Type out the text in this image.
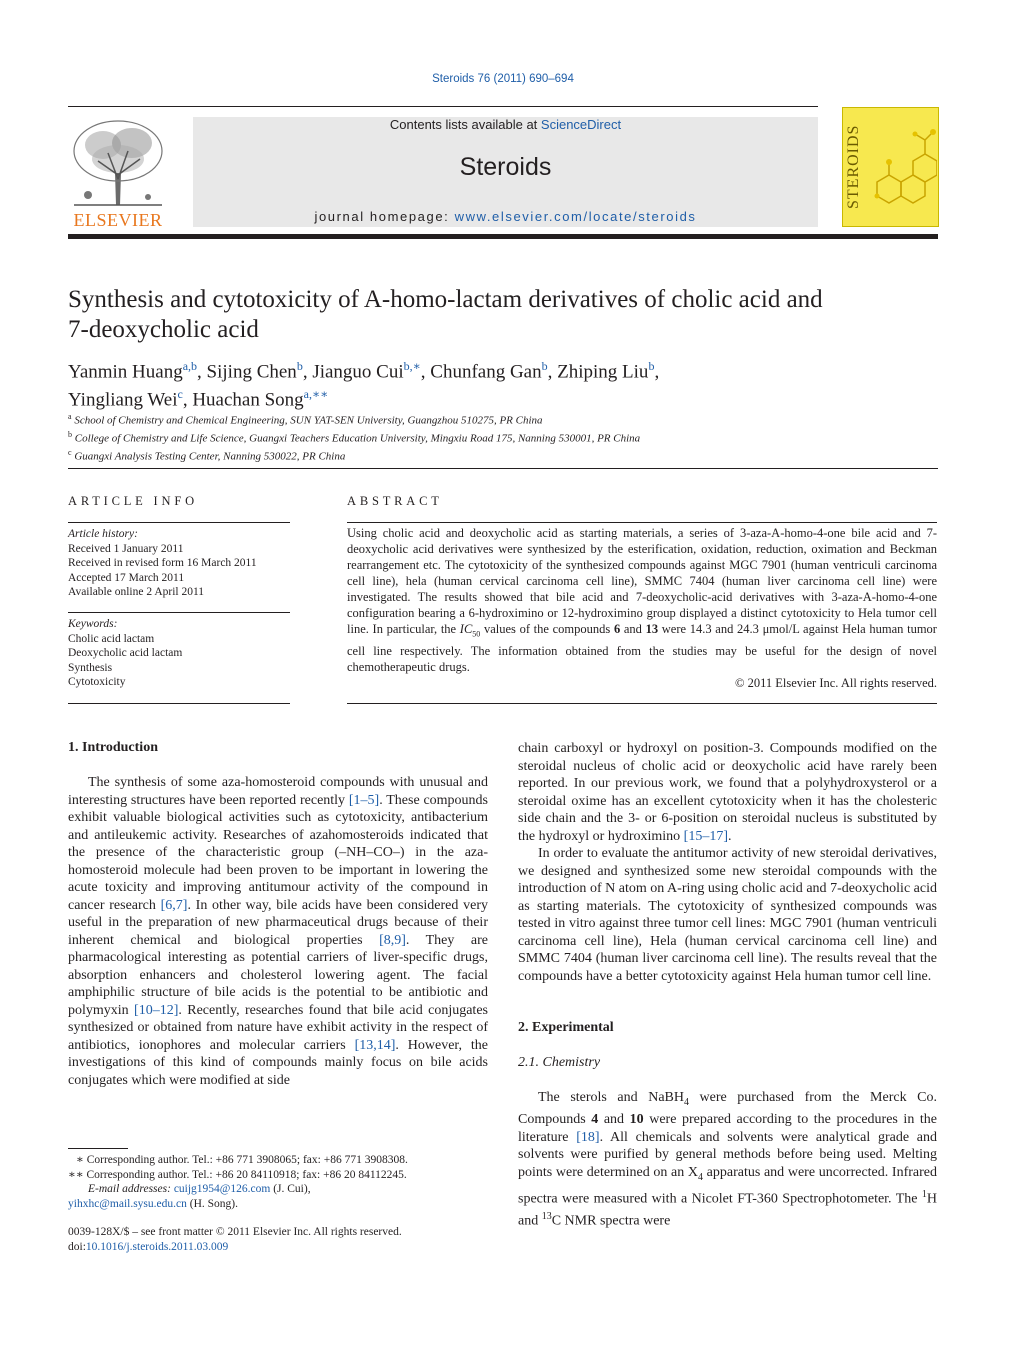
Steroids 76 (2011) 690–694
ELSEVIER
Contents lists available at ScienceDirect
Steroids
journal homepage: www.elsevier.com/locate/steroids
STEROIDS
Synthesis and cytotoxicity of A-homo-lactam derivatives of cholic acid and
7-deoxycholic acid
Yanmin Huang$^{a,b}$, Sijing Chen$^b$, Jianguo Cui$^{b,∗}$, Chunfang Gan$^b$, Zhiping Liu$^b$,
Yingliang Wei$^c$, Huachan Song$^{a,∗∗}$
$^a$ School of Chemistry and Chemical Engineering, SUN YAT-SEN University, Guangzhou 510275, PR China
$^b$ College of Chemistry and Life Science, Guangxi Teachers Education University, Mingxiu Road 175, Nanning 530001, PR China
$^c$ Guangxi Analysis Testing Center, Nanning 530022, PR China
ARTICLE INFO
Article history:
Received 1 January 2011
Received in revised form 16 March 2011
Accepted 17 March 2011
Available online 2 April 2011
Keywords:
Cholic acid lactam
Deoxycholic acid lactam
Synthesis
Cytotoxicity
ABSTRACT
Using cholic acid and deoxycholic acid as starting materials, a series of 3-aza-A-homo-4-one bile acid and 7-deoxycholic acid derivatives were synthesized by the esterification, oxidation, reduction, oximation and Beckman rearrangement etc. The cytotoxicity of the synthesized compounds against MGC 7901 (human ventriculi carcinoma cell line), hela (human cervical carcinoma cell line), SMMC 7404 (human liver carcinoma cell line) were investigated. The results showed that bile acid and 7-deoxycholic-acid derivatives with 3-aza-A-homo-4-one configuration bearing a 6-hydroximino or 12-hydroximino group displayed a distinct cytotoxicity to Hela tumor cell line. In particular, the $IC_{50}$ values of the compounds 6 and 13 were 14.3 and 24.3 μmol/L against Hela human tumor cell line respectively. The information obtained from the studies may be useful for the design of novel chemotherapeutic drugs.
© 2011 Elsevier Inc. All rights reserved.
1. Introduction

The synthesis of some aza-homosteroid compounds with unusual and interesting structures have been reported recently [1–5]. These compounds exhibit valuable biological activities such as cytotoxicity, antibacterium and antileukemic activity. Researches of azahomosteroids indicated that the presence of the characteristic group (–NH–CO–) in the aza-homosteroid molecule had been proven to be important in lowering the acute toxicity and improving antitumour activity of the compound in cancer research [6,7]. In other way, bile acids have been considered very useful in the preparation of new pharmaceutical drugs because of their inherent chemical and biological properties [8,9]. They are pharmacological interesting as potential carriers of liver-specific drugs, absorption enhancers and cholesterol lowering agent. The facial amphiphilic structure of bile acids is the potential to be antibiotic and polymyxin [10–12]. Recently, researches found that bile acid conjugates synthesized or obtained from nature have exhibit activity in the respect of antibiotics, ionophores and molecular carriers [13,14]. However, the investigations of this kind of compounds mainly focus on bile acids conjugates which were modified at side

∗ Corresponding author. Tel.: +86 771 3908065; fax: +86 771 3908308.
∗∗ Corresponding author. Tel.: +86 20 84110918; fax: +86 20 84112245.
E-mail addresses: cuijg1954@126.com (J. Cui),
yihxhc@mail.sysu.edu.cn (H. Song).
0039-128X/$ – see front matter © 2011 Elsevier Inc. All rights reserved.
doi:10.1016/j.steroids.2011.03.009

chain carboxyl or hydroxyl on position-3. Compounds modified on the steroidal nucleus of cholic acid or deoxycholic acid have rarely been reported. In our previous work, we found that a polyhydroxysterol or a steroidal oxime has an excellent cytotoxicity when it has the cholesteric side chain and the 3- or 6-position on steroidal nucleus is substituted by the hydroxyl or hydroximino [15–17].

In order to evaluate the antitumor activity of new steroidal derivatives, we designed and synthesized some new steroidal compounds with the introduction of N atom on A-ring using cholic acid and 7-deoxycholic acid as starting materials. The cytotoxicity of synthesized compounds was tested in vitro against three tumor cell lines: MGC 7901 (human ventriculi carcinoma cell line), Hela (human cervical carcinoma cell line) and SMMC 7404 (human liver carcinoma cell line). The results reveal that the compounds have a better cytotoxicity against Hela human tumor cell line.

2. Experimental
2.1. Chemistry

The sterols and NaBH$_4$ were purchased from the Merck Co. Compounds 4 and 10 were prepared according to the procedures in the literature [18]. All chemicals and solvents were analytical grade and solvents were purified by general methods before being used. Melting points were determined on an $X_4$ apparatus and were uncorrected. Infrared spectra were measured with a Nicolet FT-360 Spectrophotometer. The $^1$H and $^{13}$C NMR spectra were
